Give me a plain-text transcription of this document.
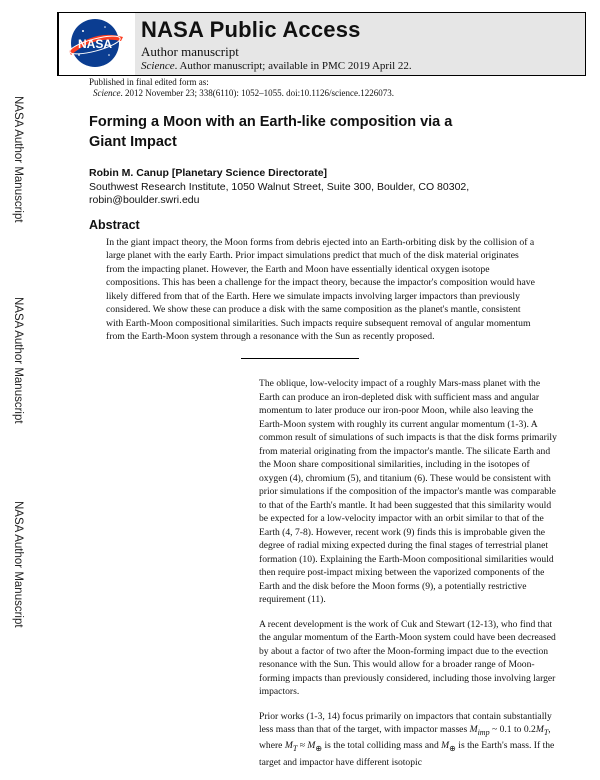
NASA Author Manuscript
NASA Author Manuscript
NASA Author Manuscript
NASA
NASA Public Access
Author manuscript
Science. Author manuscript; available in PMC 2019 April 22.
Published in final edited form as:
Science. 2012 November 23; 338(6110): 1052–1055. doi:10.1126/science.1226073.
Forming a Moon with an Earth-like composition via a Giant Impact
Robin M. Canup [Planetary Science Directorate]
Southwest Research Institute, 1050 Walnut Street, Suite 300, Boulder, CO 80302,
robin@boulder.swri.edu
Abstract
In the giant impact theory, the Moon forms from debris ejected into an Earth-orbiting disk by the collision of a large planet with the early Earth. Prior impact simulations predict that much of the disk material originates from the impacting planet. However, the Earth and Moon have essentially identical oxygen isotope compositions. This has been a challenge for the impact theory, because the impactor's composition would have likely differed from that of the Earth. Here we simulate impacts involving larger impactors than previously considered. We show these can produce a disk with the same composition as the planet's mantle, consistent with Earth-Moon compositional similarities. Such impacts require subsequent removal of angular momentum from the Earth-Moon system through a resonance with the Sun as recently proposed.

The oblique, low-velocity impact of a roughly Mars-mass planet with the Earth can produce an iron-depleted disk with sufficient mass and angular momentum to later produce our iron-poor Moon, while also leaving the Earth-Moon system with roughly its current angular momentum (1-3). A common result of simulations of such impacts is that the disk forms primarily from material originating from the impactor's mantle. The silicate Earth and the Moon share compositional similarities, including in the isotopes of oxygen (4), chromium (5), and titanium (6). These would be consistent with prior simulations if the composition of the impactor's mantle was comparable to that of the Earth's mantle. It had been suggested that this similarity would be expected for a low-velocity impactor with an orbit similar to that of the Earth (4, 7-8). However, recent work (9) finds this is improbable given the degree of radial mixing expected during the final stages of terrestrial planet formation (10). Explaining the Earth-Moon compositional similarities would then require post-impact mixing between the vaporized components of the Earth and the disk before the Moon forms (9), a potentially restrictive requirement (11).

A recent development is the work of Cuk and Stewart (12-13), who find that the angular momentum of the Earth-Moon system could have been decreased by about a factor of two after the Moon-forming impact due to the evection resonance with the Sun. This would allow for a broader range of Moon-forming impacts than previously considered, including those involving larger impactors.

Prior works (1-3, 14) focus primarily on impactors that contain substantially less mass than that of the target, with impactor masses $M_{imp}$ ~ 0.1 to $0.2M_T$, where $M_T \approx M_\oplus$ is the total colliding mass and $M_\oplus$ is the Earth's mass. If the target and impactor have different isotopic
